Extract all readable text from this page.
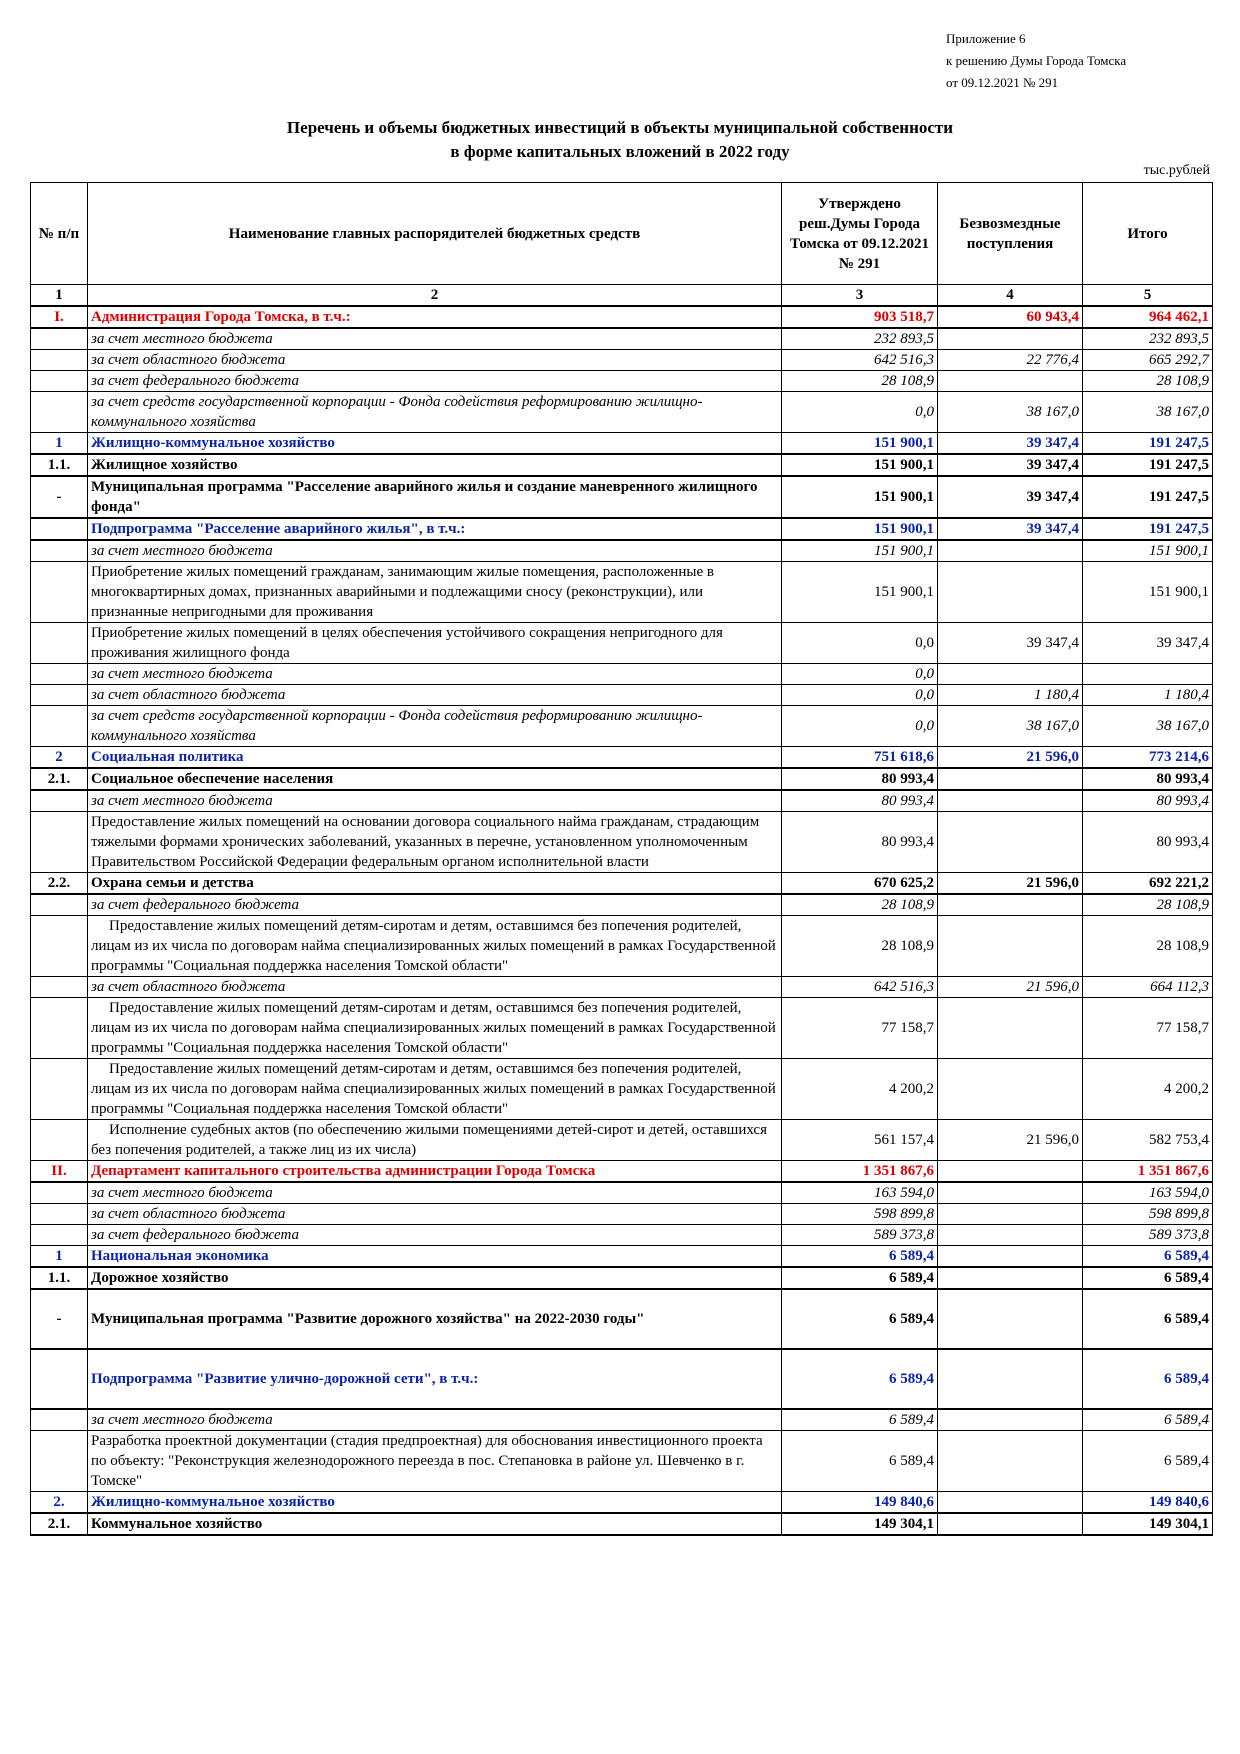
Приложение 6
к решению Думы Города Томска
от 09.12.2021 № 291
Перечень и объемы бюджетных инвестиций в объекты муниципальной собственности
в форме капитальных вложений в 2022 году
тыс.рублей
№ п/п	Наименование главных распорядителей бюджетных средств	Утверждено реш.Думы Города Томска от 09.12.2021 № 291	Безвозмездные поступления	Итого
1	2	3	4	5
I.	Администрация Города Томска, в т.ч.:	903 518,7	60 943,4	964 462,1
	за счет местного бюджета	232 893,5		232 893,5
	за счет областного бюджета	642 516,3	22 776,4	665 292,7
	за счет федерального бюджета	28 108,9		28 108,9
	за счет средств государственной корпорации - Фонда содействия реформированию жилищно-коммунального хозяйства	0,0	38 167,0	38 167,0
1	Жилищно-коммунальное хозяйство	151 900,1	39 347,4	191 247,5
1.1.	Жилищное хозяйство	151 900,1	39 347,4	191 247,5
-	Муниципальная программа "Расселение аварийного жилья и создание маневренного жилищного фонда"	151 900,1	39 347,4	191 247,5
	Подпрограмма "Расселение аварийного жилья", в т.ч.:	151 900,1	39 347,4	191 247,5
	за счет местного бюджета	151 900,1		151 900,1
	Приобретение жилых помещений гражданам, занимающим жилые помещения, расположенные в многоквартирных домах, признанных аварийными и подлежащими сносу (реконструкции), или признанные непригодными для проживания	151 900,1		151 900,1
	Приобретение жилых помещений в целях обеспечения устойчивого сокращения непригодного для проживания жилищного фонда	0,0	39 347,4	39 347,4
	за счет местного бюджета	0,0		
	за счет областного бюджета	0,0	1 180,4	1 180,4
	за счет средств государственной корпорации - Фонда содействия реформированию жилищно-коммунального хозяйства	0,0	38 167,0	38 167,0
2	Социальная политика	751 618,6	21 596,0	773 214,6
2.1.	Социальное обеспечение населения	80 993,4		80 993,4
	за счет местного бюджета	80 993,4		80 993,4
	Предоставление жилых помещений на основании договора социального найма гражданам, страдающим тяжелыми формами хронических заболеваний, указанных в перечне, установленном уполномоченным Правительством Российской Федерации федеральным органом исполнительной власти	80 993,4		80 993,4
2.2.	Охрана семьи и детства	670 625,2	21 596,0	692 221,2
	за счет федерального бюджета	28 108,9		28 108,9
	Предоставление жилых помещений детям-сиротам и детям, оставшимся без попечения родителей, лицам из их числа по договорам найма специализированных жилых помещений в рамках Государственной программы "Социальная поддержка населения Томской области"	28 108,9		28 108,9
	за счет областного бюджета	642 516,3	21 596,0	664 112,3
	Предоставление жилых помещений детям-сиротам и детям, оставшимся без попечения родителей, лицам из их числа по договорам найма специализированных жилых помещений в рамках Государственной программы "Социальная поддержка населения Томской области"	77 158,7		77 158,7
	Предоставление жилых помещений детям-сиротам и детям, оставшимся без попечения родителей, лицам из их числа по договорам найма специализированных жилых помещений в рамках Государственной программы "Социальная поддержка населения Томской области"	4 200,2		4 200,2
	Исполнение судебных актов (по обеспечению жилыми помещениями детей-сирот и детей, оставшихся без попечения родителей, а также лиц из их числа)	561 157,4	21 596,0	582 753,4
II.	Департамент капитального строительства администрации Города Томска	1 351 867,6		1 351 867,6
	за счет местного бюджета	163 594,0		163 594,0
	за счет областного бюджета	598 899,8		598 899,8
	за счет федерального бюджета	589 373,8		589 373,8
1	Национальная экономика	6 589,4		6 589,4
1.1.	Дорожное хозяйство	6 589,4		6 589,4
-	Муниципальная программа "Развитие дорожного хозяйства" на 2022-2030 годы"	6 589,4		6 589,4
	Подпрограмма "Развитие улично-дорожной сети", в т.ч.:	6 589,4		6 589,4
	за счет местного бюджета	6 589,4		6 589,4
	Разработка проектной документации (стадия предпроектная) для обоснования инвестиционного проекта по объекту: "Реконструкция железнодорожного переезда в пос. Степановка в районе ул. Шевченко в г. Томске"	6 589,4		6 589,4
2.	Жилищно-коммунальное хозяйство	149 840,6		149 840,6
2.1.	Коммунальное хозяйство	149 304,1		149 304,1
